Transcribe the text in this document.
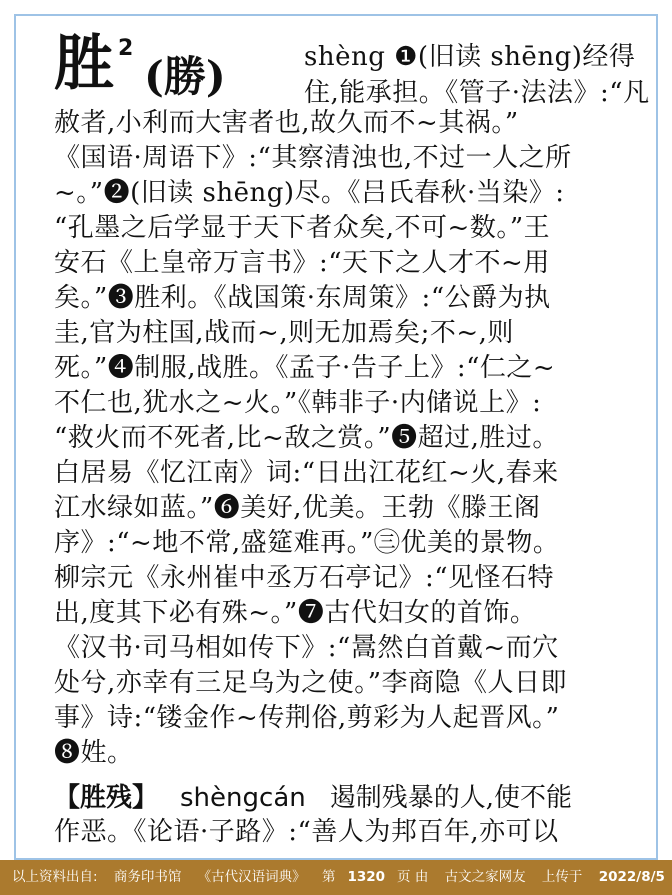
胜 2
(勝)	shèng ❶(旧读 shēng)经得
住,能承担。《管子·法法》:“凡
赦者,小利而大害者也,故久而不~其祸。”
《国语·周语下》:“其察清浊也,不过一人之所
~。”❷(旧读 shēng)尽。《吕氏春秋·当染》:
“孔墨之后学显于天下者众矣,不可~数。”王
安石《上皇帝万言书》:“天下之人才不~用
矣。”❸胜利。《战国策·东周策》:“公爵为执
圭,官为柱国,战而~,则无加焉矣;不~,则
死。”❹制服,战胜。《孟子·告子上》:“仁之~
不仁也,犹水之~火。”《韩非子·内储说上》:
“救火而不死者,比~敌之赏。”❺超过,胜过。
白居易《忆江南》词:“日出江花红~火,春来
江水绿如蓝。”❻美好,优美。王勃《滕王阁
序》:“~地不常,盛筵难再。”㊂优美的景物。
柳宗元《永州崔中丞万石亭记》:“见怪石特
出,度其下必有殊~。”❼古代妇女的首饰。
《汉书·司马相如传下》:“暠然白首戴~而穴
处兮,亦幸有三足乌为之使。”李商隐《人日即
事》诗:“镂金作~传荆俗,剪彩为人起晋风。”
❽姓。
【胜残】 shèngcán 遏制残暴的人,使不能
作恶。《论语·子路》:“善人为邦百年,亦可以
以上资料出自: 商务印书馆 《古代汉语词典》 第 1320 页 由 古文之家网友 上传于 2022/8/5
